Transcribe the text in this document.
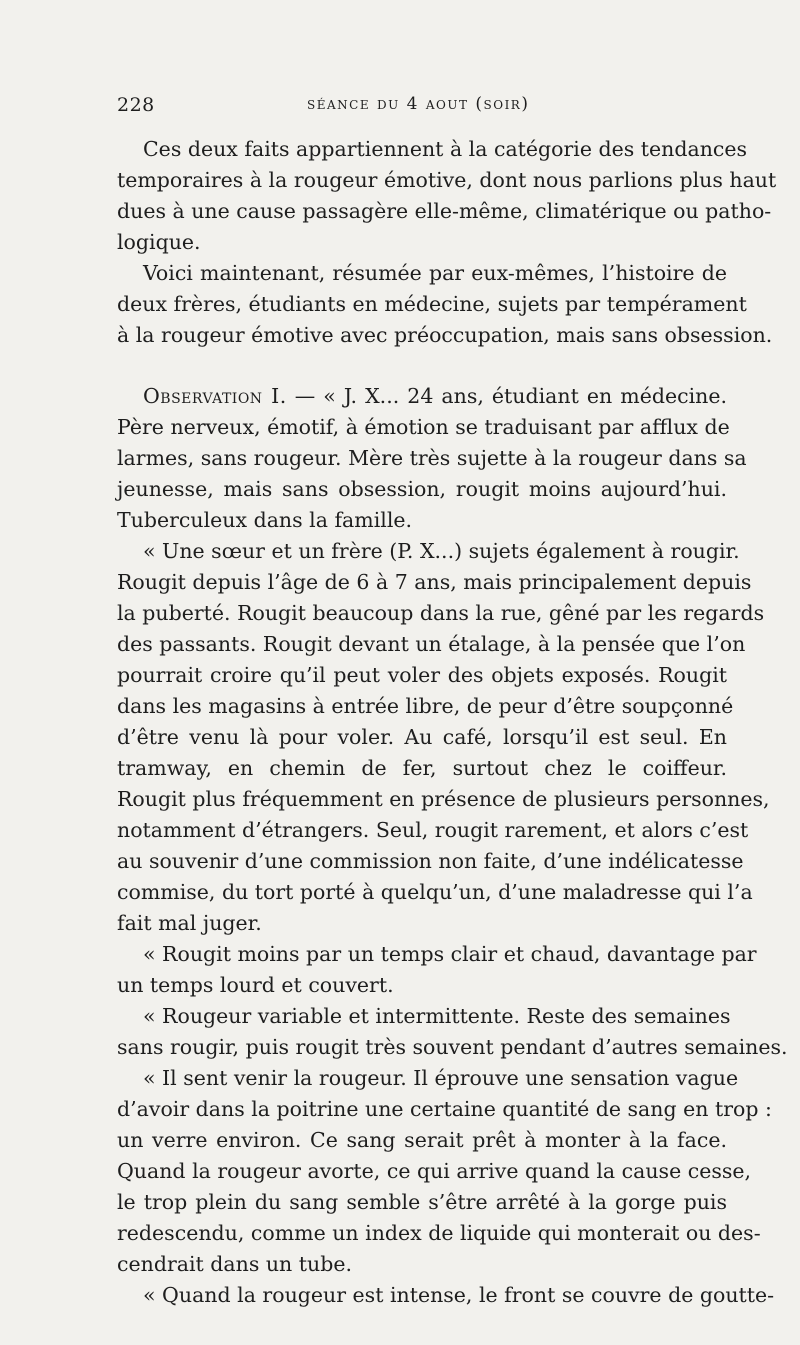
228	séance du 4 aout (soir)
Ces deux faits appartiennent à la catégorie des tendances
temporaires à la rougeur émotive, dont nous parlions plus haut
dues à une cause passagère elle-même, climatérique ou patho-
logique.
Voici maintenant, résumée par eux-mêmes, l’histoire de
deux frères, étudiants en médecine, sujets par tempérament
à la rougeur émotive avec préoccupation, mais sans obsession.
Observation I. — « J. X... 24 ans, étudiant en médecine.
Père nerveux, émotif, à émotion se traduisant par afflux de
larmes, sans rougeur. Mère très sujette à la rougeur dans sa
jeunesse, mais sans obsession, rougit moins aujourd’hui.
Tuberculeux dans la famille.
« Une sœur et un frère (P. X...) sujets également à rougir.
Rougit depuis l’âge de 6 à 7 ans, mais principalement depuis
la puberté. Rougit beaucoup dans la rue, gêné par les regards
des passants. Rougit devant un étalage, à la pensée que l’on
pourrait croire qu’il peut voler des objets exposés. Rougit
dans les magasins à entrée libre, de peur d’être soupçonné
d’être venu là pour voler. Au café, lorsqu’il est seul. En
tramway, en chemin de fer, surtout chez le coiffeur.
Rougit plus fréquemment en présence de plusieurs personnes,
notamment d’étrangers. Seul, rougit rarement, et alors c’est
au souvenir d’une commission non faite, d’une indélicatesse
commise, du tort porté à quelqu’un, d’une maladresse qui l’a
fait mal juger.
« Rougit moins par un temps clair et chaud, davantage par
un temps lourd et couvert.
« Rougeur variable et intermittente. Reste des semaines
sans rougir, puis rougit très souvent pendant d’autres semaines.
« Il sent venir la rougeur. Il éprouve une sensation vague
d’avoir dans la poitrine une certaine quantité de sang en trop :
un verre environ. Ce sang serait prêt à monter à la face.
Quand la rougeur avorte, ce qui arrive quand la cause cesse,
le trop plein du sang semble s’être arrêté à la gorge puis
redescendu, comme un index de liquide qui monterait ou des-
cendrait dans un tube.
« Quand la rougeur est intense, le front se couvre de goutte-
